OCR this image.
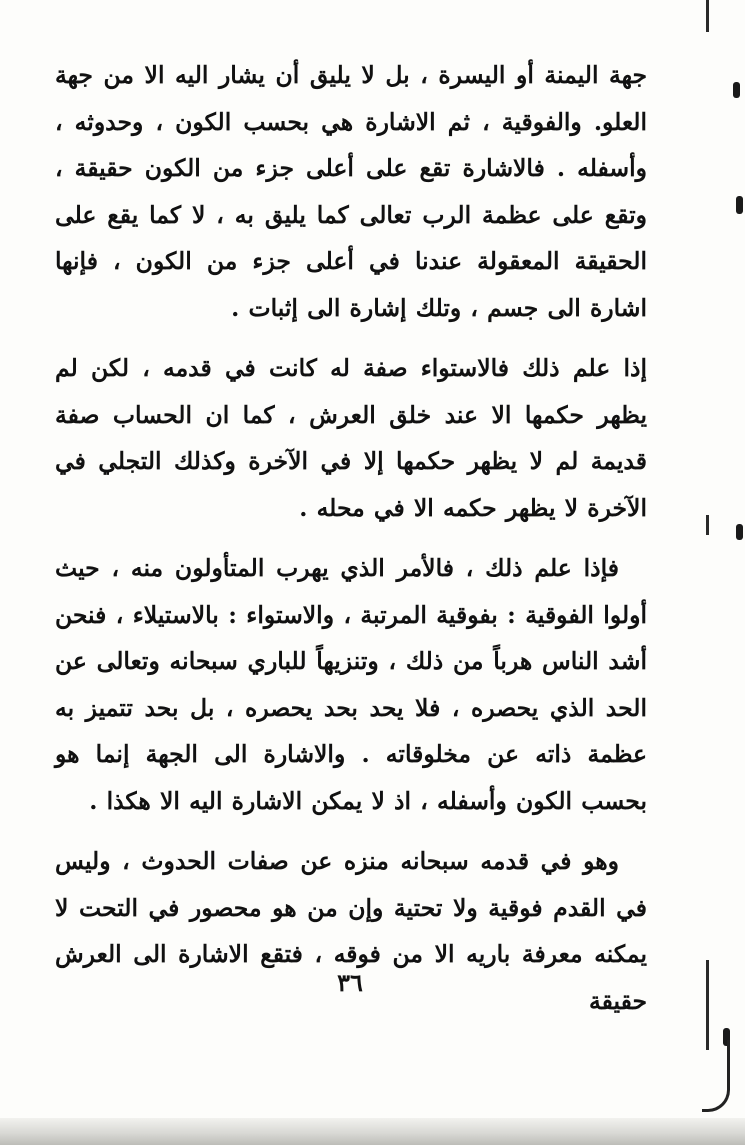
جهة اليمنة أو اليسرة ، بل لا يليق أن يشار اليه الا من جهة العلو. والفوقية ، ثم الاشارة هي بحسب الكون ، وحدوثه ، وأسفله . فالاشارة تقع على أعلى جزء من الكون حقيقة ، وتقع على عظمة الرب تعالى كما يليق به ، لا كما يقع على الحقيقة المعقولة عندنا في أعلى جزء من الكون ، فإنها اشارة الى جسم ، وتلك إشارة الى إثبات .

إذا علم ذلك فالاستواء صفة له كانت في قدمه ، لكن لم يظهر حكمها الا عند خلق العرش ، كما ان الحساب صفة قديمة لم لا يظهر حكمها إلا في الآخرة وكذلك التجلي في الآخرة لا يظهر حكمه الا في محله .

فإذا علم ذلك ، فالأمر الذي يهرب المتأولون منه ، حيث أولوا الفوقية : بفوقية المرتبة ، والاستواء : بالاستيلاء ، فنحن أشد الناس هرباً من ذلك ، وتنزيهاً للباري سبحانه وتعالى عن الحد الذي يحصره ، فلا يحد بحد يحصره ، بل بحد تتميز به عظمة ذاته عن مخلوقاته . والاشارة الى الجهة إنما هو بحسب الكون وأسفله ، اذ لا يمكن الاشارة اليه الا هكذا .

وهو في قدمه سبحانه منزه عن صفات الحدوث ، وليس في القدم فوقية ولا تحتية وإن من هو محصور في التحت لا يمكنه معرفة باريه الا من فوقه ، فتقع الاشارة الى العرش حقيقة

٣٦
